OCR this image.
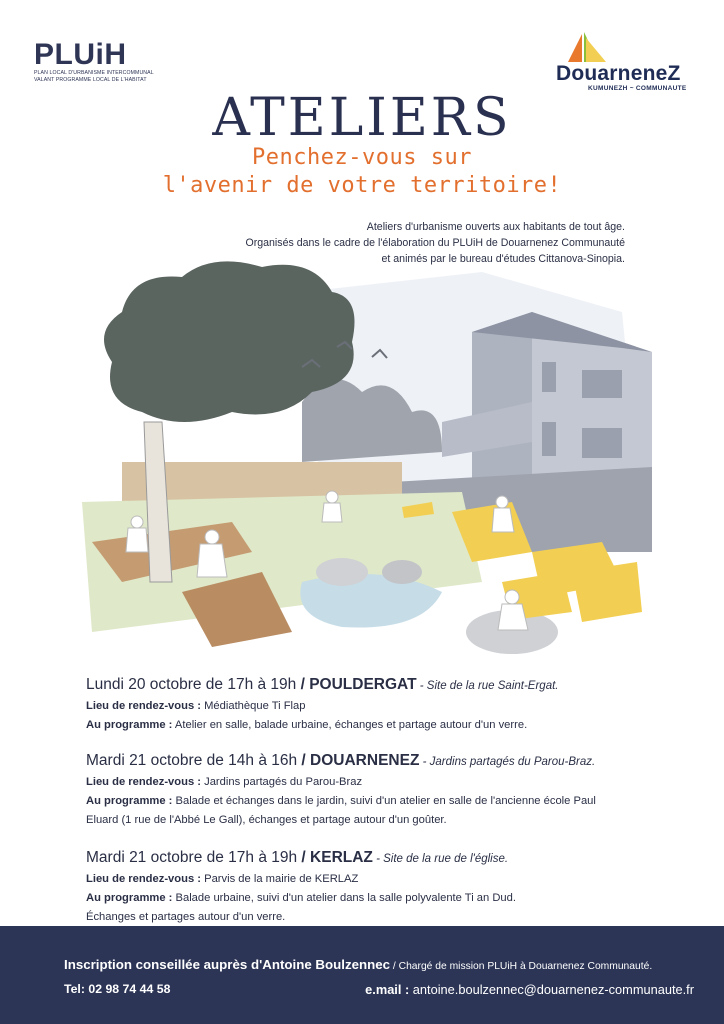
PLUiH
PLAN LOCAL D'URBANISME INTERCOMMUNAL
VALANT PROGRAMME LOCAL DE L'HABITAT	DouarneneZ
KUMUNEZH ~ COMMUNAUTE
ATELIERS
Penchez-vous sur
l'avenir de votre territoire!
Ateliers d'urbanisme ouverts aux habitants de tout âge.
Organisés dans le cadre de l'élaboration du PLUiH de Douarnenez Communauté
et animés par le bureau d'études Cittanova-Sinopia.
Lundi 20 octobre de 17h à 19h / POULDERGAT - Site de la rue Saint-Ergat.
Lieu de rendez-vous : Médiathèque Ti Flap
Au programme : Atelier en salle, balade urbaine, échanges et partage autour d'un verre.
Mardi 21 octobre de 14h à 16h / DOUARNENEZ - Jardins partagés du Parou-Braz.
Lieu de rendez-vous : Jardins partagés du Parou-Braz
Au programme : Balade et échanges dans le jardin, suivi d'un atelier en salle de l'ancienne école Paul
Eluard (1 rue de l'Abbé Le Gall), échanges et partage autour d'un goûter.
Mardi 21 octobre de 17h à 19h / KERLAZ - Site de la rue de l'église.
Lieu de rendez-vous : Parvis de la mairie de KERLAZ
Au programme : Balade urbaine, suivi d'un atelier dans la salle polyvalente Ti an Dud.
Échanges et partages autour d'un verre.
Inscription conseillée auprès d'Antoine Boulzennec / Chargé de mission PLUiH à Douarnenez Communauté.
Tel: 02 98 74 44 58	e.mail : antoine.boulzennec@douarnenez-communaute.fr
